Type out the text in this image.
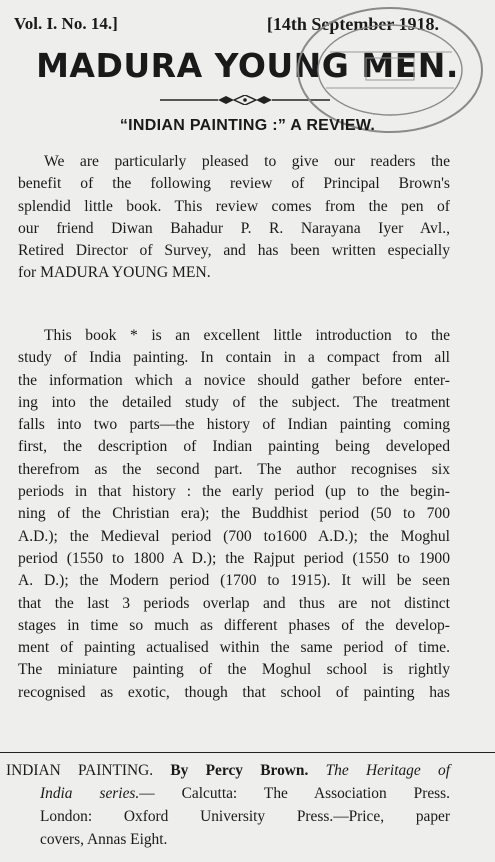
Vol. I. No. 14.]	[14th September 1918.
MADURA YOUNG MEN.
“INDIAN PAINTING :” A REVIEW.
We are particularly pleased to give our readers the
benefit of the following review of Principal Brown's
splendid little book. This review comes from the pen of
our friend Diwan Bahadur P. R. Narayana Iyer Avl.,
Retired Director of Survey, and has been written especially
for MADURA YOUNG MEN.
This book * is an excellent little introduction to the
study of India painting. In contain in a compact from all
the information which a novice should gather before enter-
ing into the detailed study of the subject. The treatment
falls into two parts—the history of Indian painting coming
first, the description of Indian painting being developed
therefrom as the second part. The author recognises six
periods in that history : the early period (up to the begin-
ning of the Christian era); the Buddhist period (50 to 700
A.D.); the Medieval period (700 to1600 A.D.); the Moghul
period (1550 to 1800 A D.); the Rajput period (1550 to 1900
A. D.); the Modern period (1700 to 1915). It will be seen
that the last 3 periods overlap and thus are not distinct
stages in time so much as different phases of the develop-
ment of painting actualised within the same period of time.
The miniature painting of the Moghul school is rightly
recognised as exotic, though that school of painting has
INDIAN PAINTING. By Percy Brown. The Heritage of
India series.— Calcutta: The Association Press.
London: Oxford University Press.—Price, paper
covers, Annas Eight.
